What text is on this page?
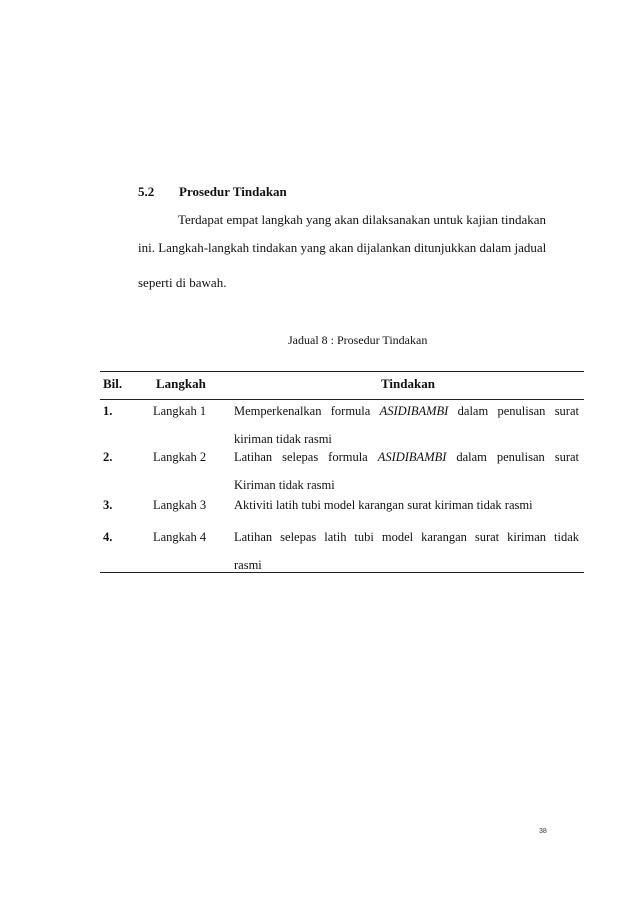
5.2 Prosedur Tindakan
Terdapat empat langkah yang akan dilaksanakan untuk kajian tindakan
ini. Langkah-langkah tindakan yang akan dijalankan ditunjukkan dalam jadual
seperti di bawah.
Jadual 8 : Prosedur Tindakan
Bil.	Langkah	Tindakan
1.	Langkah 1 Memperkenalkan formula ASIDIBAMBI dalam penulisan surat
kiriman tidak rasmi
2.	Langkah 2 Latihan selepas formula ASIDIBAMBI dalam penulisan surat
Kiriman tidak rasmi
3.	Langkah 3 Aktiviti latih tubi model karangan surat kiriman tidak rasmi
4.	Langkah 4 Latihan selepas latih tubi model karangan surat kiriman tidak
rasmi
38
